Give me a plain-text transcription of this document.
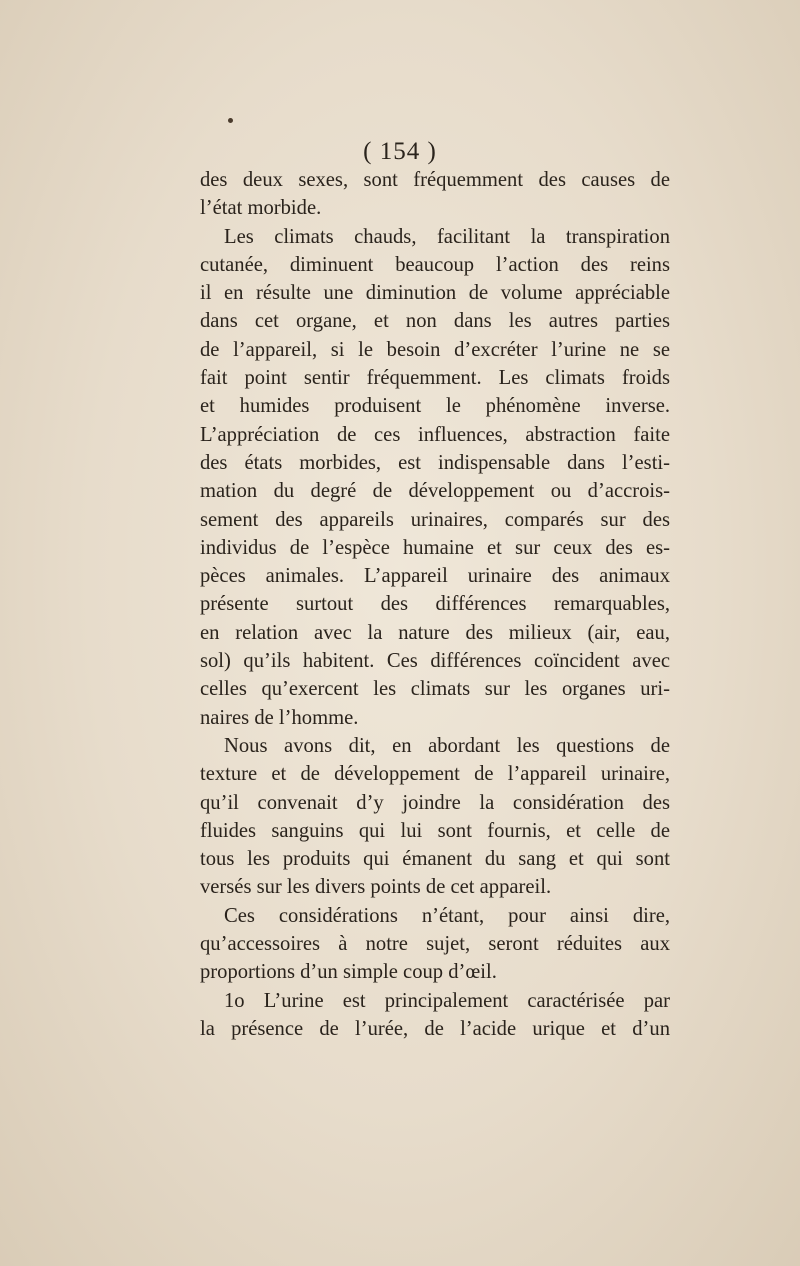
( 154 )
des deux sexes, sont fréquemment des causes de
l’état morbide.
Les climats chauds, facilitant la transpiration
cutanée, diminuent beaucoup l’action des reins
il en résulte une diminution de volume appréciable
dans cet organe, et non dans les autres parties
de l’appareil, si le besoin d’excréter l’urine ne se
fait point sentir fréquemment. Les climats froids
et humides produisent le phénomène inverse.
L’appréciation de ces influences, abstraction faite
des états morbides, est indispensable dans l’esti-
mation du degré de développement ou d’accrois-
sement des appareils urinaires, comparés sur des
individus de l’espèce humaine et sur ceux des es-
pèces animales. L’appareil urinaire des animaux
présente surtout des différences remarquables,
en relation avec la nature des milieux (air, eau,
sol) qu’ils habitent. Ces différences coïncident avec
celles qu’exercent les climats sur les organes uri-
naires de l’homme.
Nous avons dit, en abordant les questions de
texture et de développement de l’appareil urinaire,
qu’il convenait d’y joindre la considération des
fluides sanguins qui lui sont fournis, et celle de
tous les produits qui émanent du sang et qui sont
versés sur les divers points de cet appareil.
Ces considérations n’étant, pour ainsi dire,
qu’accessoires à notre sujet, seront réduites aux
proportions d’un simple coup d’œil.
1o L’urine est principalement caractérisée par
la présence de l’urée, de l’acide urique et d’un
